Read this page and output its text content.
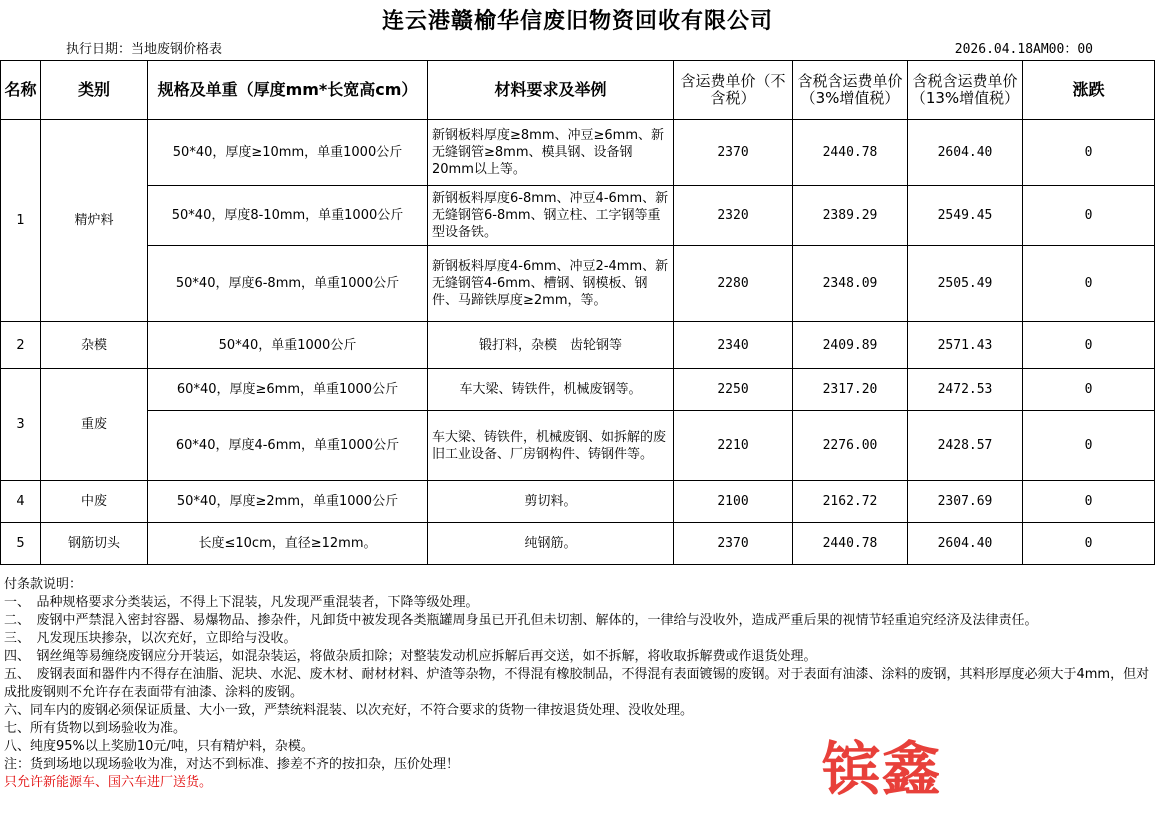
连云港赣榆华信废旧物资回收有限公司
执行日期：当地废钢价格表	2026.04.18AM00：00
名称	类别	规格及单重（厚度mm*长宽高cm）	材料要求及举例	含运费单价（不含税）	含税含运费单价（3%增值税）	含税含运费单价（13%增值税）	涨跌
1	精炉料	50*40，厚度≥10mm，单重1000公斤	新钢板料厚度≥8mm、冲豆≥6mm、新无缝钢管≥8mm、模具钢、设备钢20mm以上等。	2370	2440.78	2604.40	0
		50*40，厚度8-10mm，单重1000公斤	新钢板料厚度6-8mm、冲豆4-6mm、新无缝钢管6-8mm、钢立柱、工字钢等重型设备铁。	2320	2389.29	2549.45	0
		50*40，厚度6-8mm，单重1000公斤	新钢板料厚度4-6mm、冲豆2-4mm、新无缝钢管4-6mm、槽钢、钢模板、钢件、马蹄铁厚度≥2mm，等。	2280	2348.09	2505.49	0
2	杂模	50*40，单重1000公斤	锻打料，杂模　齿轮钢等	2340	2409.89	2571.43	0
3	重废	60*40，厚度≥6mm，单重1000公斤	车大梁、铸铁件，机械废钢等。	2250	2317.20	2472.53	0
		60*40，厚度4-6mm，单重1000公斤	车大梁、铸铁件，机械废钢、如拆解的废旧工业设备、厂房钢构件、铸钢件等。	2210	2276.00	2428.57	0
4	中废	50*40，厚度≥2mm，单重1000公斤	剪切料。	2100	2162.72	2307.69	0
5	钢筋切头	长度≤10cm，直径≥12mm。	纯钢筋。	2370	2440.78	2604.40	0
付条款说明：
一、　品种规格要求分类装运，不得上下混装，凡发现严重混装者，下降等级处理。
二、　废钢中严禁混入密封容器、易爆物品、掺杂件，凡卸货中被发现各类瓶罐周身虽已开孔但未切割、解体的，一律给与没收外，造成严重后果的视情节轻重追究经济及法律责任。
三、　凡发现压块掺杂，以次充好，立即给与没收。
四、　钢丝绳等易缠绕废钢应分开装运，如混杂装运，将做杂质扣除；对整装发动机应拆解后再交送，如不拆解，将收取拆解费或作退货处理。
五、　废钢表面和器件内不得存在油脂、泥块、水泥、废木材、耐材材料、炉渣等杂物，不得混有橡胶制品，不得混有表面镀锡的废钢。对于表面有油漆、涂料的废钢，其料形厚度必须大于4mm，但对成批废钢则不允许存在表面带有油漆、涂料的废钢。
六、同车内的废钢必须保证质量、大小一致，严禁统料混装、以次充好，不符合要求的货物一律按退货处理、没收处理。
七、所有货物以到场验收为准。
八、纯度95%以上奖励10元/吨，只有精炉料，杂模。
注：货到场地以现场验收为准，对达不到标准、掺差不齐的按扣杂，压价处理！
只允许新能源车、国六车进厂送货。	镔鑫
